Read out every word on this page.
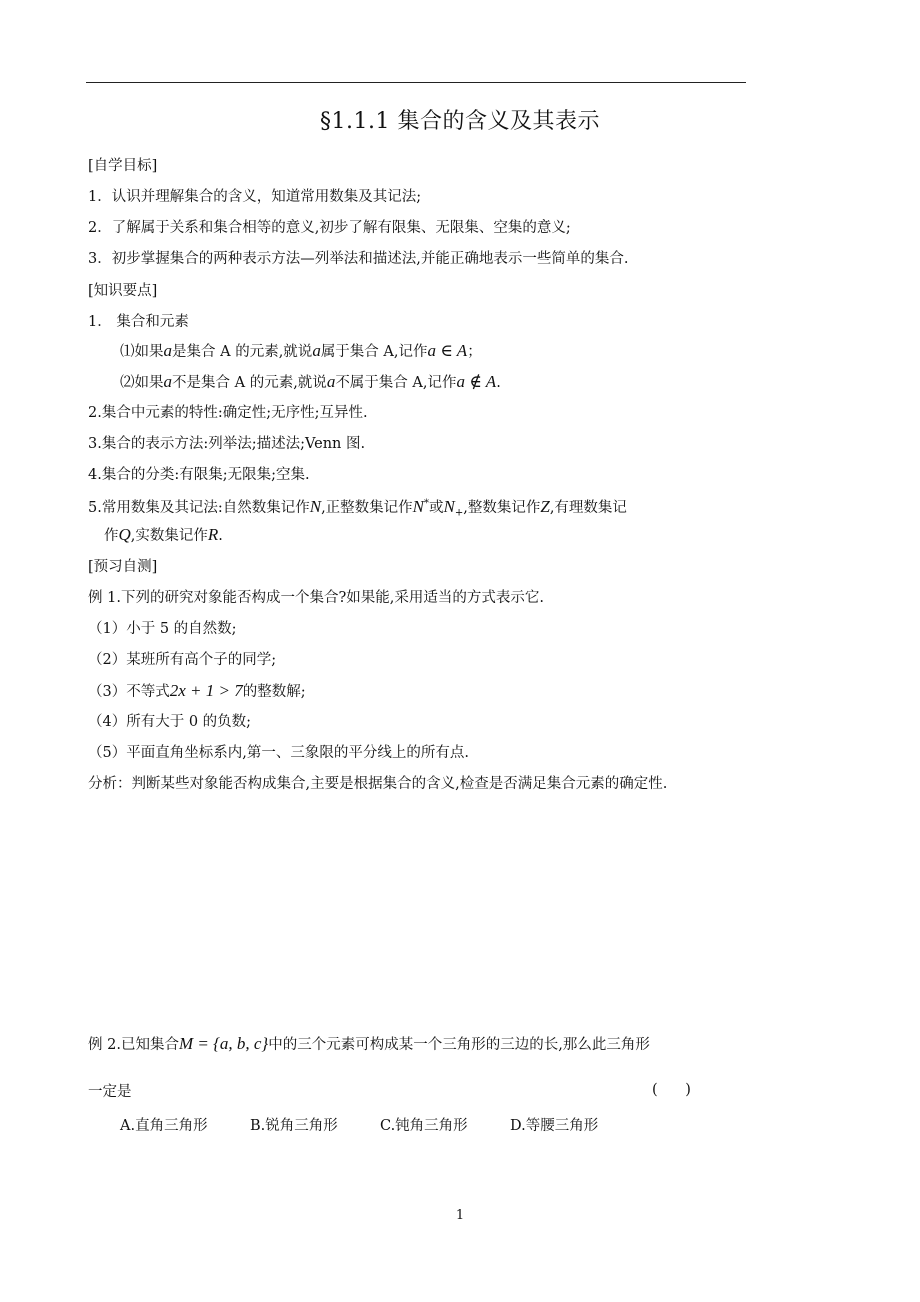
§1.1.1 集合的含义及其表示
[自学目标]
1．认识并理解集合的含义，知道常用数集及其记法;
2．了解属于关系和集合相等的意义,初步了解有限集、无限集、空集的意义;
3．初步掌握集合的两种表示方法—列举法和描述法,并能正确地表示一些简单的集合.
[知识要点]
1． 集合和元素
⑴如果a是集合 A 的元素,就说a属于集合 A,记作a ∈ A；
⑵如果a不是集合 A 的元素,就说a不属于集合 A,记作a ∉ A.
2.集合中元素的特性:确定性;无序性;互异性.
3.集合的表示方法:列举法;描述法;Venn 图.
4.集合的分类:有限集;无限集;空集.
5.常用数集及其记法:自然数集记作N,正整数集记作N*或$N_+$,整数集记作Z,有理数集记
作Q,实数集记作R.
[预习自测]
例 1.下列的研究对象能否构成一个集合?如果能,采用适当的方式表示它.
（1）小于 5 的自然数;
（2）某班所有高个子的同学;
（3）不等式2x + 1 > 7的整数解;
（4）所有大于 0 的负数;
（5）平面直角坐标系内,第一、三象限的平分线上的所有点.
分析：判断某些对象能否构成集合,主要是根据集合的含义,检查是否满足集合元素的确定性.
例 2.已知集合M = {a, b, c}中的三个元素可构成某一个三角形的三边的长,那么此三角形
一定是	(      )
A.直角三角形	B.锐角三角形	C.钝角三角形	D.等腰三角形
1
